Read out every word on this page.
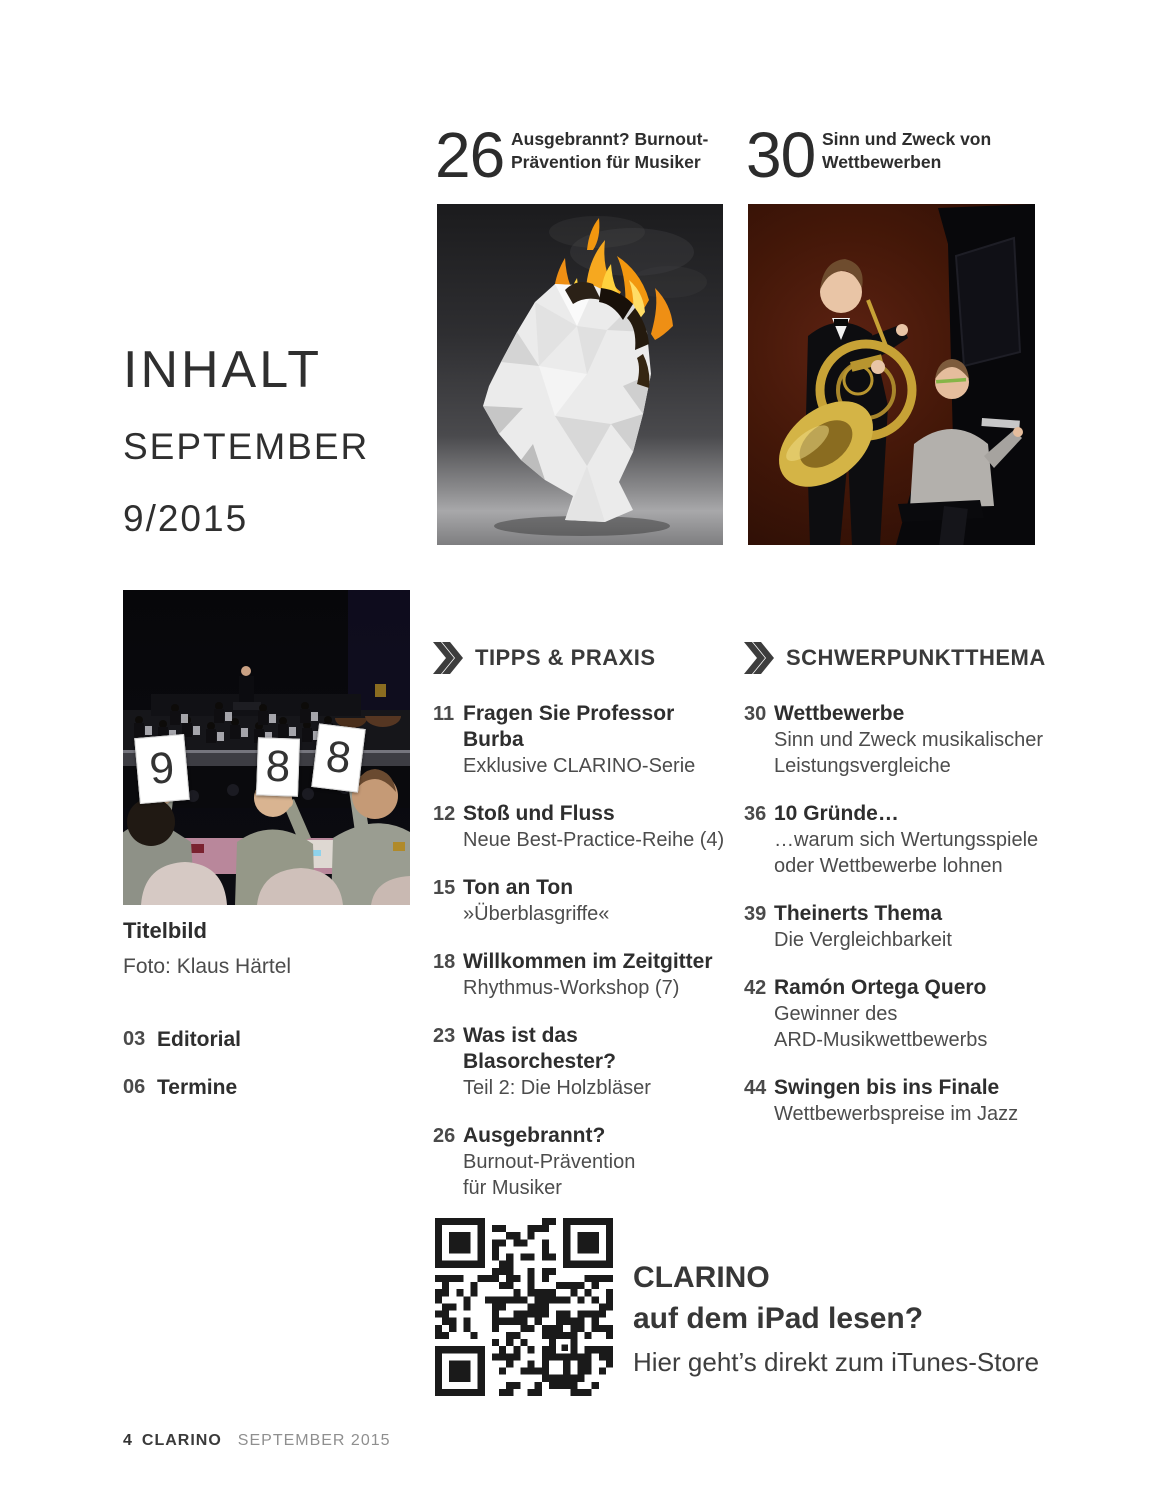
26 Ausgebrannt? Burnout-
Prävention für Musiker 30 Sinn und Zweck von
Wettbewerben
INHALT
SEPTEMBER
9/2015
9 8 8
Titelbild
Foto: Klaus Härtel
03 Editorial
06 Termine
TIPPS & PRAXIS
11 Fragen Sie Professor Burba
Exklusive CLARINO-Serie
12 Stoß und Fluss
Neue Best-Practice-Reihe (4)
15 Ton an Ton
»Überblasgriffe«
18 Willkommen im Zeitgitter
Rhythmus-Workshop (7)
23 Was ist das Blasorchester?
Teil 2: Die Holzbläser
26 Ausgebrannt?
Burnout-Prävention
für Musiker
SCHWERPUNKTTHEMA
30 Wettbewerbe
Sinn und Zweck musikalischer
Leistungsvergleiche
36 10 Gründe…
…warum sich Wertungsspiele
oder Wettbewerbe lohnen
39 Theinerts Thema
Die Vergleichbarkeit
42 Ramón Ortega Quero
Gewinner des
ARD-Musikwettbewerbs
44 Swingen bis ins Finale
Wettbewerbspreise im Jazz
CLARINO
auf dem iPad lesen?
Hier geht’s direkt zum iTunes-Store
4 CLARINO SEPTEMBER 2015
